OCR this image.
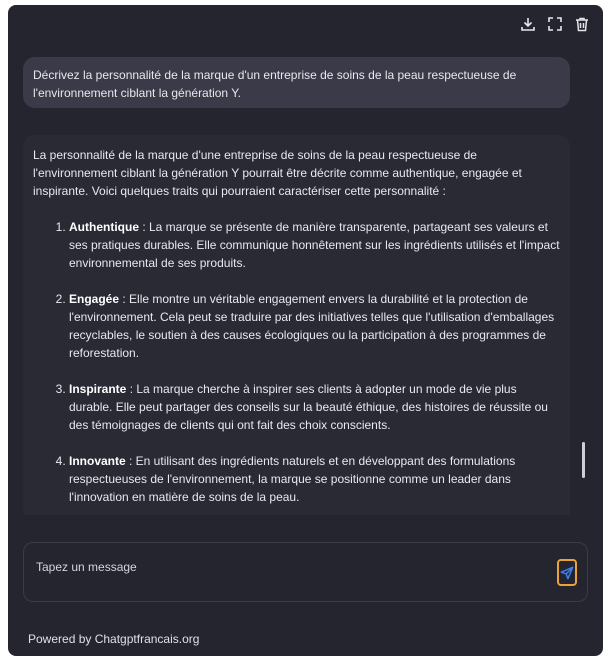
Décrivez la personnalité de la marque d'un entreprise de soins de la peau respectueuse de l'environnement ciblant la génération Y.

La personnalité de la marque d'une entreprise de soins de la peau respectueuse de l'environnement ciblant la génération Y pourrait être décrite comme authentique, engagée et inspirante. Voici quelques traits qui pourraient caractériser cette personnalité :

1. Authentique : La marque se présente de manière transparente, partageant ses valeurs et ses pratiques durables. Elle communique honnêtement sur les ingrédients utilisés et l'impact environnemental de ses produits.
2. Engagée : Elle montre un véritable engagement envers la durabilité et la protection de l'environnement. Cela peut se traduire par des initiatives telles que l'utilisation d'emballages recyclables, le soutien à des causes écologiques ou la participation à des programmes de reforestation.
3. Inspirante : La marque cherche à inspirer ses clients à adopter un mode de vie plus durable. Elle peut partager des conseils sur la beauté éthique, des histoires de réussite ou des témoignages de clients qui ont fait des choix conscients.
4. Innovante : En utilisant des ingrédients naturels et en développant des formulations respectueuses de l'environnement, la marque se positionne comme un leader dans l'innovation en matière de soins de la peau.
Tapez un message
Powered by Chatgptfrancais.org
